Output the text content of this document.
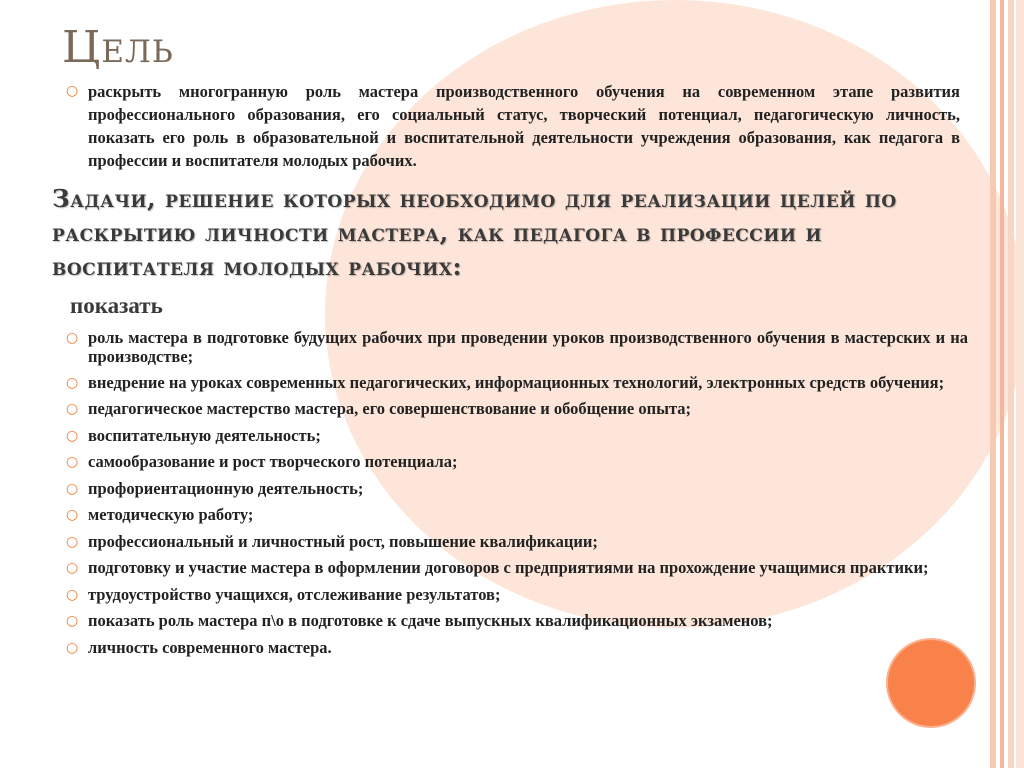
Цель
○ раскрыть многогранную роль мастера производственного обучения на современном этапе развития профессионального образования, его социальный статус, творческий потенциал, педагогическую личность, показать его роль в образовательной и воспитательной деятельности учреждения образования, как педагога в профессии и воспитателя молодых рабочих.

Задачи, решение которых необходимо для реализации целей по раскрытию личности мастера, как педагога в профессии и воспитателя молодых рабочих:
показать
○ роль мастера в подготовке будущих рабочих при проведении уроков производственного обучения в мастерских и на производстве;
○ внедрение на уроках современных педагогических, информационных технологий, электронных средств обучения;
○ педагогическое мастерство мастера, его совершенствование и обобщение опыта;
○ воспитательную деятельность;
○ самообразование и рост творческого потенциала;
○ профориентационную деятельность;
○ методическую работу;
○ профессиональный и личностный рост, повышение квалификации;
○ подготовку и участие мастера в оформлении договоров с предприятиями на прохождение учащимися практики;
○ трудоустройство учащихся, отслеживание результатов;
○ показать роль мастера п\о в подготовке к сдаче выпускных квалификационных экзаменов;
○ личность современного мастера.
